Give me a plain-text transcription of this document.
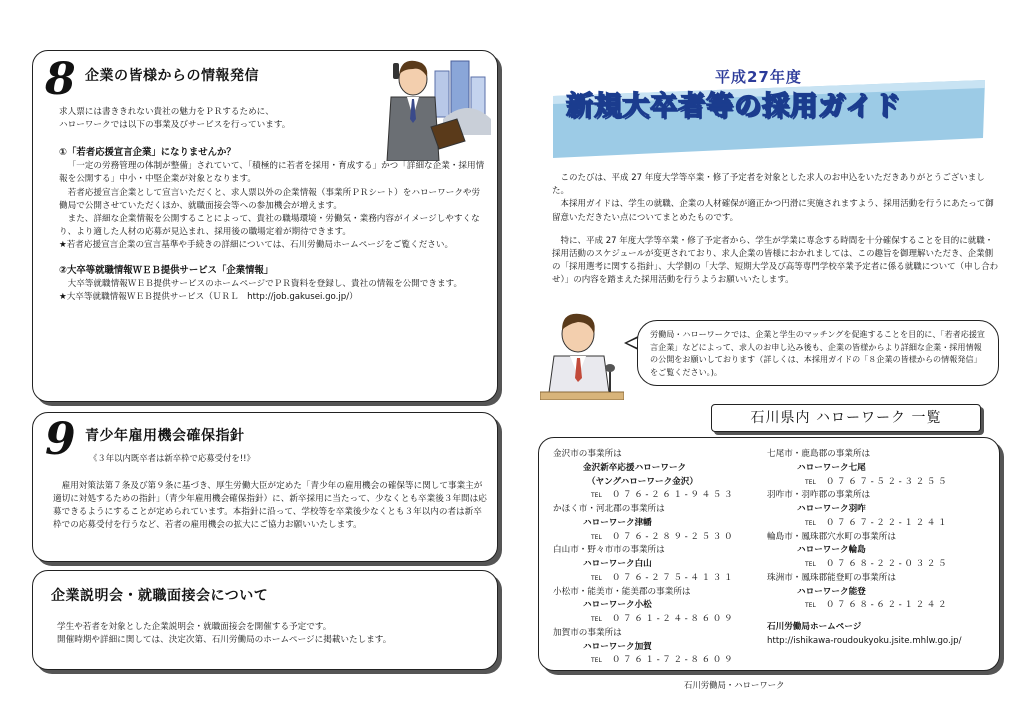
8 企業の皆様からの情報発信

求人票には書ききれない貴社の魅力をＰＲするために、

ハローワークでは以下の事業及びサービスを行っています。

①「若者応援宣言企業」になりませんか？

「一定の労務管理の体制が整備」されていて、「積極的に若者を採用・育成する」かつ「詳細な企業・採用情報を公開する」中小・中堅企業が対象となります。

若者応援宣言企業として宣言いただくと、求人票以外の企業情報（事業所ＰＲシート）をハローワークや労働局で公開させていただくほか、就職面接会等への参加機会が増えます。

また、詳細な企業情報を公開することによって、貴社の職場環境・労働気・業務内容がイメージしやすくなり、より適した人材の応募が見込まれ、採用後の職場定着が期待できます。

★若者応援宣言企業の宣言基準や手続きの詳細については、石川労働局ホームページをご覧ください。

②大卒等就職情報ＷＥＢ提供サービス「企業情報」

大卒等就職情報ＷＥＢ提供サービスのホームページでＰＲ資料を登録し、貴社の情報を公開できます。

★大卒等就職情報ＷＥＢ提供サービス（ＵＲＬ　http://job.gakusei.go.jp/）

9 青少年雇用機会確保指針
《３年以内既卒者は新卒枠で応募受付を!!》
雇用対策法第７条及び第９条に基づき、厚生労働大臣が定めた「青少年の雇用機会の確保等に関して事業主が適切に対処するための指針」（青少年雇用機会確保指針）に、新卒採用に当たって、少なくとも卒業後３年間は応募できるようにすることが定められています。本指針に沿って、学校等を卒業後少なくとも３年以内の者は新卒枠での応募受付を行うなど、若者の雇用機会の拡大にご協力お願いいたします。
企業説明会・就職面接会について

学生や若者を対象とした企業説明会・就職面接会を開催する予定です。

開催時期や詳細に関しては、決定次第、石川労働局のホームページに掲載いたします。

平成27年度
新規大卒者等の採用ガイド

このたびは、平成 27 年度大学等卒業・修了予定者を対象とした求人のお申込をいただきありがとうございました。

本採用ガイドは、学生の就職、企業の人材確保が適正かつ円滑に実施されますよう、採用活動を行うにあたって御留意いただきたい点についてまとめたものです。

特に、平成 27 年度大学等卒業・修了予定者から、学生が学業に専念する時間を十分確保することを目的に就職・採用活動のスケジュールが変更されており、求人企業の皆様におかれましては、この趣旨を御理解いただき、企業側の「採用選考に関する指針」、大学側の「大学、短期大学及び高等専門学校卒業予定者に係る就職について（申し合わせ）」の内容を踏まえた採用活動を行うようお願いいたします。

労働局・ハローワークでは、企業と学生のマッチングを促進することを目的に、「若者応援宣言企業」などによって、求人のお申し込み後も、企業の皆様からより詳細な企業・採用情報の公開をお願いしております（詳しくは、本採用ガイドの「８企業の皆様からの情報発信」をご覧ください。)。
石川県内 ハローワーク 一覧
金沢市の事業所は
金沢新卒応援ハローワーク
（ヤングハローワーク金沢）
TEL ０７６-２６１-９４５３
かほく市・河北郡の事業所は
ハローワーク津幡
TEL ０７６-２８９-２５３０
白山市・野々市市の事業所は
ハローワーク白山
TEL ０７６-２７５-４１３１
小松市・能美市・能美郡の事業所は
ハローワーク小松
TEL ０７６１-２４-８６０９
加賀市の事業所は
ハローワーク加賀
TEL ０７６１-７２-８６０９
七尾市・鹿島郡の事業所は
ハローワーク七尾
TEL ０７６７-５２-３２５５
羽咋市・羽咋郡の事業所は
ハローワーク羽咋
TEL ０７６７-２２-１２４１
輪島市・鳳珠郡穴水町の事業所は
ハローワーク輪島
TEL ０７６８-２２-０３２５
珠洲市・鳳珠郡能登町の事業所は
ハローワーク能登
TEL ０７６８-６２-１２４２
石川労働局ホームページ
http://ishikawa-roudoukyoku.jsite.mhlw.go.jp/
石川労働局・ハローワーク
